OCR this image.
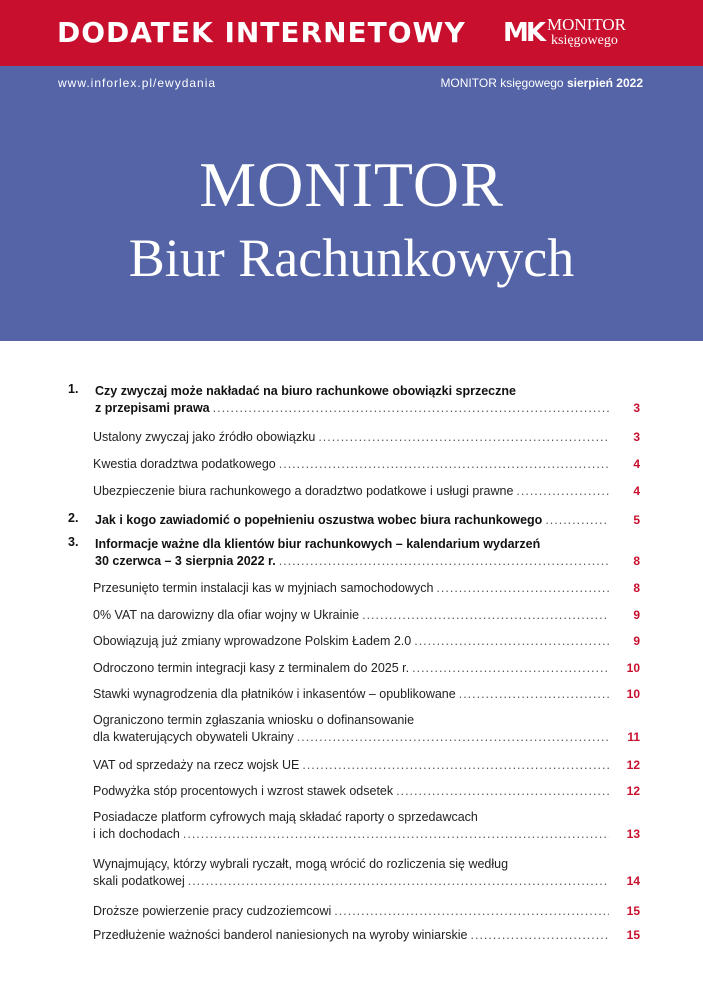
DODATEK INTERNETOWY MK MONITOR
księgowego
www.inforlex.pl/ewydania	MONITOR księgowego sierpień 2022
MONITOR
Biur Rachunkowych
1. Czy zwyczaj może nakładać na biuro rachunkowe obowiązki sprzeczne
z przepisami prawa .....	3
Ustalony zwyczaj jako źródło obowiązku .....	3
Kwestia doradztwa podatkowego .....	4
Ubezpieczenie biura rachunkowego a doradztwo podatkowe i usługi prawne .....	4
2. Jak i kogo zawiadomić o popełnieniu oszustwa wobec biura rachunkowego .....	5
3. Informacje ważne dla klientów biur rachunkowych – kalendarium wydarzeń
30 czerwca – 3 sierpnia 2022 r. .....	8
Przesunięto termin instalacji kas w myjniach samochodowych .....	8
0% VAT na darowizny dla ofiar wojny w Ukrainie .....	9
Obowiązują już zmiany wprowadzone Polskim Ładem 2.0 .....	9
Odroczono termin integracji kasy z terminalem do 2025 r. .....	10
Stawki wynagrodzenia dla płatników i inkasentów – opublikowane .....	10
Ograniczono termin zgłaszania wniosku o dofinansowanie
dla kwaterujących obywateli Ukrainy .....	11
VAT od sprzedaży na rzecz wojsk UE .....	12
Podwyżka stóp procentowych i wzrost stawek odsetek .....	12
Posiadacze platform cyfrowych mają składać raporty o sprzedawcach
i ich dochodach .....	13
Wynajmujący, którzy wybrali ryczałt, mogą wrócić do rozliczenia się według
skali podatkowej .....	14
Droższe powierzenie pracy cudzoziemcowi .....	15
Przedłużenie ważności banderol naniesionych na wyroby winiarskie .....	15
